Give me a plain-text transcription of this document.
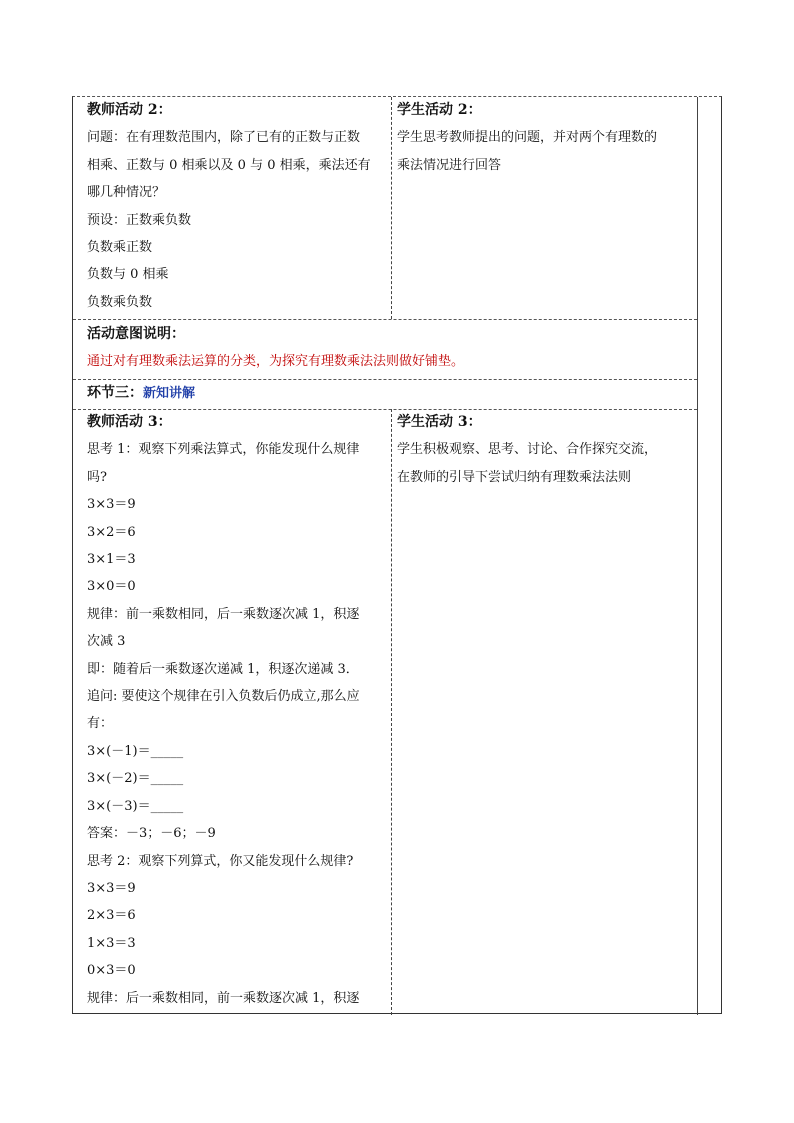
教师活动 2：
问题：在有理数范围内，除了已有的正数与正数
相乘、正数与 0 相乘以及 0 与 0 相乘，乘法还有
哪几种情况？
预设：正数乘负数
负数乘正数
负数与 0 相乘
负数乘负数
学生活动 2：
学生思考教师提出的问题，并对两个有理数的
乘法情况进行回答
活动意图说明：
通过对有理数乘法运算的分类，为探究有理数乘法法则做好铺垫。
环节三：新知讲解
教师活动 3：
思考 1：观察下列乘法算式，你能发现什么规律
吗?
3×3＝9
3×2＝6
3×1＝3
3×0＝0
规律：前一乘数相同，后一乘数逐次减 1，积逐
次减 3
即：随着后一乘数逐次递减 1，积逐次递减 3．
追问: 要使这个规律在引入负数后仍成立,那么应
有：
3×(－1)＝_____
3×(－2)＝_____
3×(－3)＝_____
答案：－3；－6；－9
思考 2：观察下列算式，你又能发现什么规律?
3×3＝9
2×3＝6
1×3＝3
0×3＝0
规律：后一乘数相同，前一乘数逐次减 1，积逐
学生活动 3：
学生积极观察、思考、讨论、合作探究交流，
在教师的引导下尝试归纳有理数乘法法则
